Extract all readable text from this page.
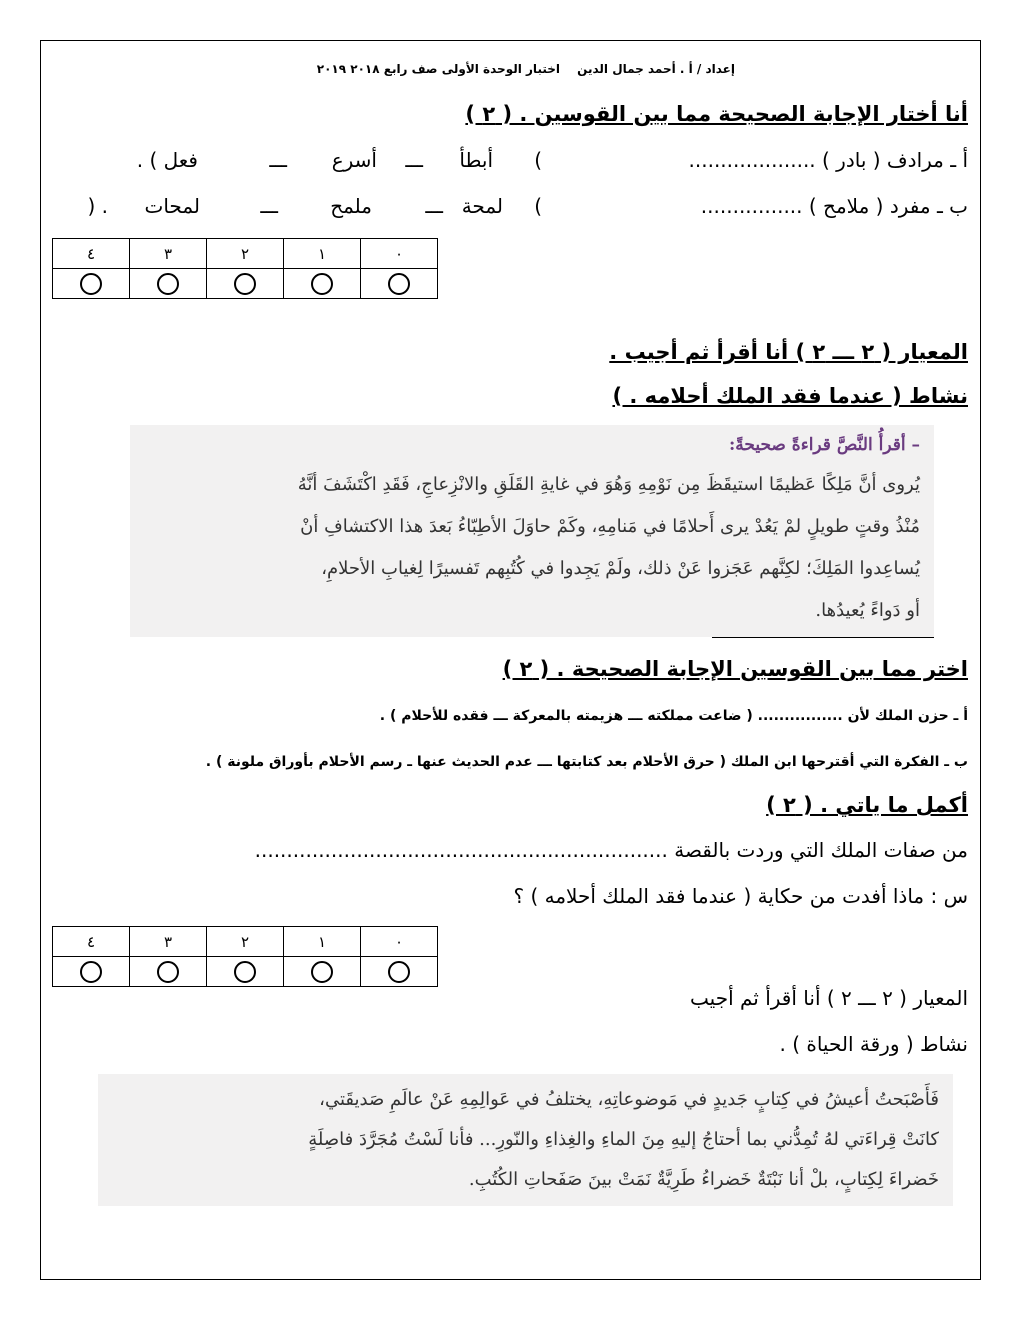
إعداد / أ . أحمد جمال الدين
اختبار الوحدة الأولى صف رابع ٢٠١٨ ٢٠١٩
أنا أختار الإجابة الصحيحة مما بين القوسين . ( ٢ )
أ ـ مرادف ( بادر ) ....................
(
أبطأ
ـــ
أسرع
ـــ
فعل ) .
ب ـ مفرد ( ملامح ) ................
(
لمحة
ـــ
ملمح
ـــ
لمحات
) .
٠	١	٢	٣	٤

المعيار ( ٢ ـــ ٢ ) أنا أقرأ ثم أجيب .
نشاط ( عندما فقد الملك أحلامه . )
– أقرأُ النَّصَّ قراءةً صحيحةً:
يُروى أنَّ مَلِكًا عَظيمًا استيقَظَ مِن نَوْمِهِ وَهُوَ في غايةِ القَلَقِ والانْزِعاجِ، فَقَدِ اكْتَشَفَ أنَّهُ
مُنْذُ وقتٍ طويلٍ لمْ يَعُدْ يرى أَحلامًا في مَنامِهِ، وكَمْ حاوَلَ الأطِبّاءُ بَعدَ هذا الاكتشافِ أنْ
يُساعِدوا المَلِكَ؛ لكِنَّهم عَجَزوا عَنْ ذلك، ولَمْ يَجِدوا في كُتُبِهم تَفسيرًا لِغيابِ الأحلامِ،
أو دَواءً يُعيدُها.
اختر مما بين القوسين الإجابة الصحيحة . ( ٢ )
أ ـ حزن الملك لأن ................ ( ضاعت مملكته ـــ هزيمته بالمعركة ـــ فقده للأحلام ) .
ب ـ الفكرة التي أقترحها ابن الملك ( حرق الأحلام بعد كتابتها ـــ عدم الحديث عنها ـ رسم الأحلام بأوراق ملونة ) .
أكمل ما ياتي . ( ٢ )
من صفات الملك التي وردت بالقصة .................................................................
س : ماذا أفدت من حكاية ( عندما فقد الملك أحلامه ) ؟
٠	١	٢	٣	٤

المعيار ( ٢ ـــ ٢ ) أنا أقرأ ثم أجيب
نشاط ( ورقة الحياة ) .
فَأَصْبَحتُ أعيشُ في كِتابٍ جَديدٍ في مَوضوعاتِهِ، يختلفُ في عَوالِمِهِ عَنْ عالَمِ صَديقَتي،
كانَتْ قِراءَتي لهُ تُمِدُّني بما أحتاجُ إليهِ مِنَ الماءِ والغِذاءِ والنّورِ... فأنا لَسْتُ مُجَرَّدَ فاصِلَةٍ
خَضراءَ لِكِتابٍ، بلْ أنا نَبْتَةٌ خَضراءُ طَرِيَّةٌ نَمَتْ بينَ صَفَحاتِ الكُتُبِ.
